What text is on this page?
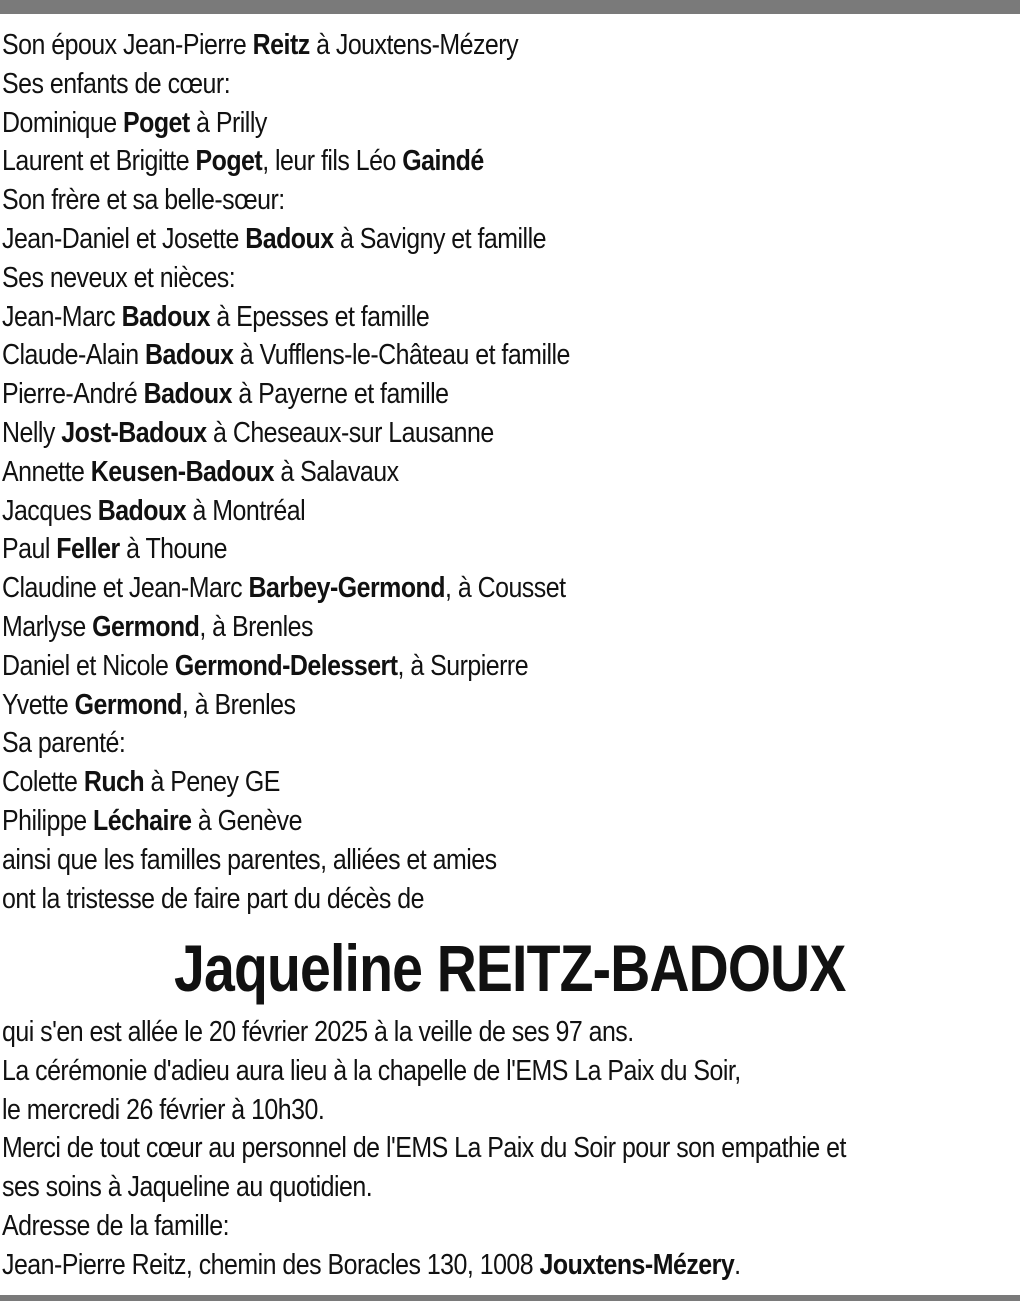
Son époux Jean-Pierre Reitz à Jouxtens-Mézery
Ses enfants de cœur:
Dominique Poget à Prilly
Laurent et Brigitte Poget, leur fils Léo Gaindé
Son frère et sa belle-sœur:
Jean-Daniel et Josette Badoux à Savigny et famille
Ses neveux et nièces:
Jean-Marc Badoux à Epesses et famille
Claude-Alain Badoux à Vufflens-le-Château et famille
Pierre-André Badoux à Payerne et famille
Nelly Jost-Badoux à Cheseaux-sur Lausanne
Annette Keusen-Badoux à Salavaux
Jacques Badoux à Montréal
Paul Feller à Thoune
Claudine et Jean-Marc Barbey-Germond, à Cousset
Marlyse Germond, à Brenles
Daniel et Nicole Germond-Delessert, à Surpierre
Yvette Germond, à Brenles
Sa parenté:
Colette Ruch à Peney GE
Philippe Léchaire à Genève
ainsi que les familles parentes, alliées et amies
ont la tristesse de faire part du décès de
Jaqueline REITZ-BADOUX
qui s'en est allée le 20 février 2025 à la veille de ses 97 ans.
La cérémonie d'adieu aura lieu à la chapelle de l'EMS La Paix du Soir,
le mercredi 26 février à 10h30.
Merci de tout cœur au personnel de l'EMS La Paix du Soir pour son empathie et
ses soins à Jaqueline au quotidien.
Adresse de la famille:
Jean-Pierre Reitz, chemin des Boracles 130, 1008 Jouxtens-Mézery.
